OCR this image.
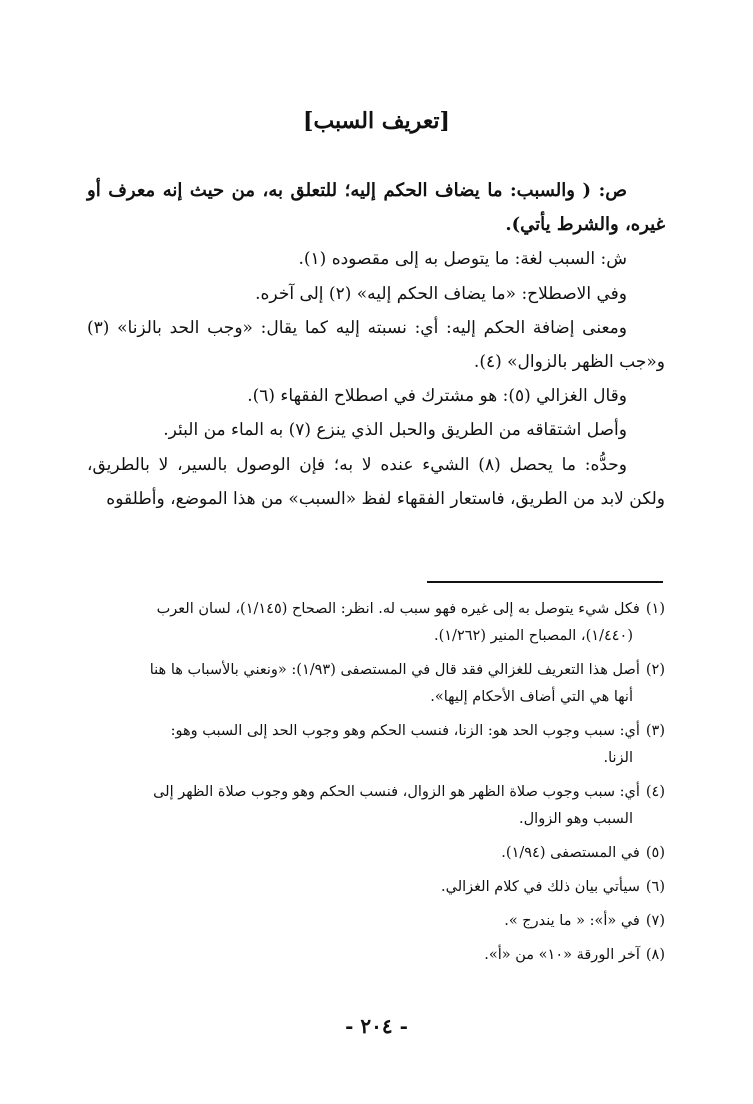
[تعريف السبب]

ص: ( والسبب: ما يضاف الحكم إليه؛ للتعلق به، من حيث إنه معرف أو غيره، والشرط يأتي).

ش: السبب لغة: ما يتوصل به إلى مقصوده (١).

وفي الاصطلاح: «ما يضاف الحكم إليه» (٢) إلى آخره.

ومعنى إضافة الحكم إليه: أي: نسبته إليه كما يقال: «وجب الحد بالزنا» (٣) و«جب الظهر بالزوال» (٤).

وقال الغزالي (٥): هو مشترك في اصطلاح الفقهاء (٦).

وأصل اشتقاقه من الطريق والحبل الذي ينزع (٧) به الماء من البئر.

وحدُّه: ما يحصل (٨) الشيء عنده لا به؛ فإن الوصول بالسير، لا بالطريق، ولكن لابد من الطريق، فاستعار الفقهاء لفظ «السبب» من هذا الموضع، وأطلقوه

(١)فكل شيء يتوصل به إلى غيره فهو سبب له. انظر: الصحاح (١/١٤٥)، لسان العرب
(١/٤٤٠)، المصباح المنير (١/٢٦٢).

(٢)أصل هذا التعريف للغزالي فقد قال في المستصفى (١/٩٣): «ونعني بالأسباب ها هنا
أنها هي التي أضاف الأحكام إليها».

(٣)أي: سبب وجوب الحد هو: الزنا، فنسب الحكم وهو وجوب الحد إلى السبب وهو:
الزنا.

(٤)أي: سبب وجوب صلاة الظهر هو الزوال، فنسب الحكم وهو وجوب صلاة الظهر إلى
السبب وهو الزوال.

(٥)في المستصفى (١/٩٤).

(٦)سيأتي بيان ذلك في كلام الغزالي.

(٧)في «أ»: « ما يندرج ».

(٨)آخر الورقة «١٠» من «أ».

- ٢٠٤ -
